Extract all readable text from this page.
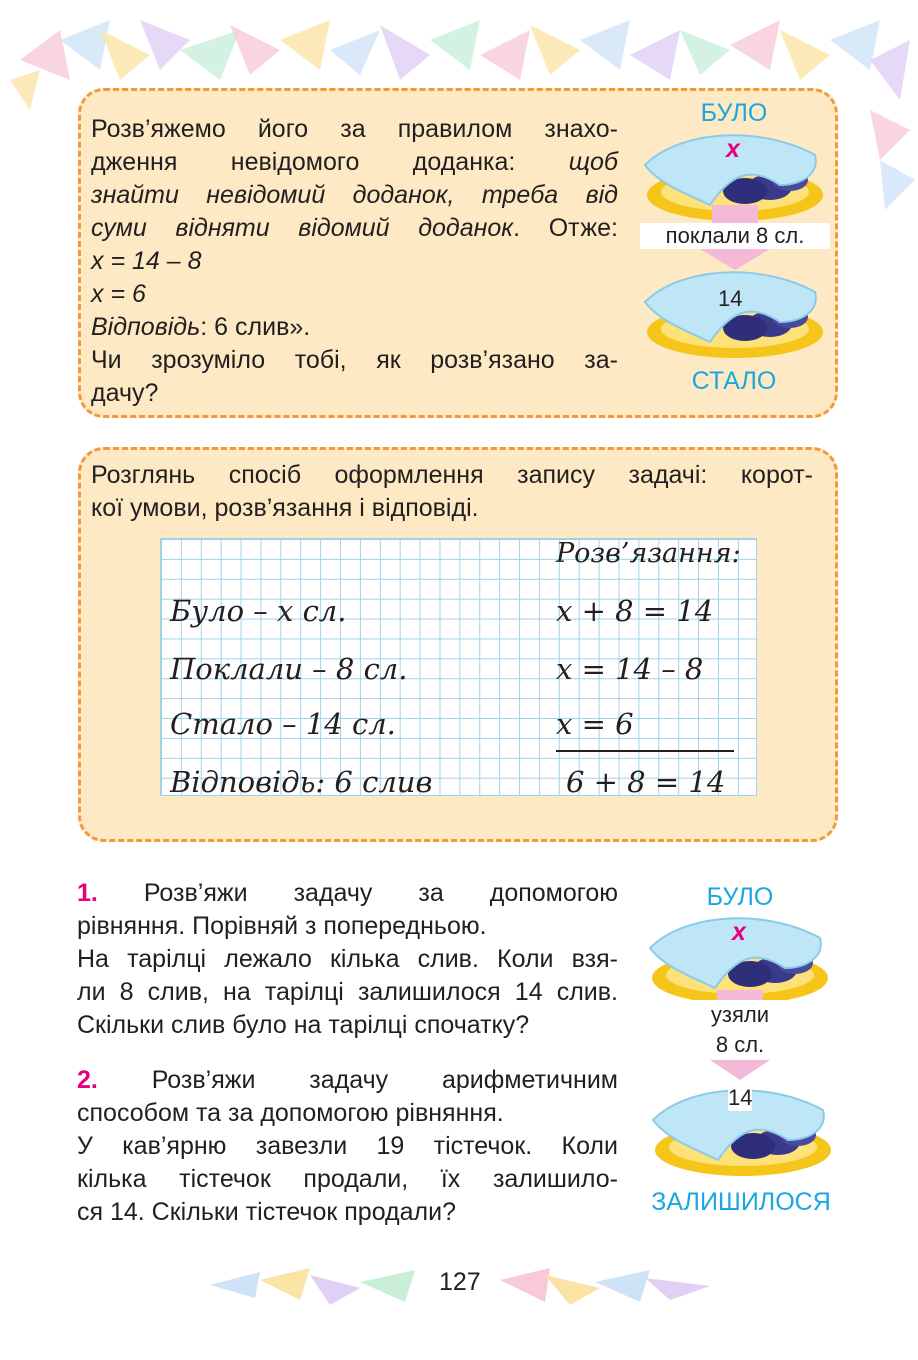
Розв’яжемо його за правилом знахо-
дження невідомого доданка: щоб
знайти невідомий доданок, треба від
суми відняти відомий доданок. Отже:
x = 14 – 8
x = 6
Відповідь: 6 слив».
Чи зрозуміло тобі, як розв’язано за-
дачу?
БУЛО
x
поклали 8 сл.
14
СТАЛО
Розглянь спосіб оформлення запису задачі: корот-
кої умови, розв’язання і відповіді.
Розв’язання:
Було – x сл.
Поклали – 8 сл.
Стало – 14 сл.
Відповідь: 6 слив
x + 8 = 14
x = 14 – 8
x = 6
6 + 8 = 14
1. Розв’яжи задачу за допомогою
рівняння. Порівняй з попередньою.
На тарілці лежало кілька слив. Коли взя-
ли 8 слив, на тарілці залишилося 14 слив.
Скільки слив було на тарілці спочатку?
2. Розв’яжи задачу арифметичним
способом та за допомогою рівняння.
У кав’ярню завезли 19 тістечок. Коли
кілька тістечок продали, їх залишило-
ся 14. Скільки тістечок продали?
БУЛО
x
узяли
8 сл.
14
ЗАЛИШИЛОСЯ
127
